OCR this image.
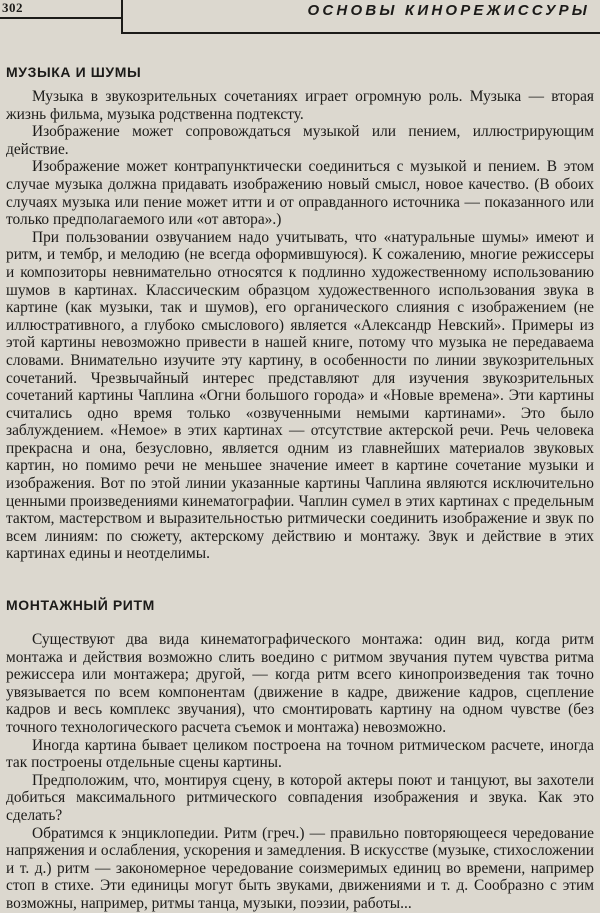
302	ОСНОВЫ КИНОРЕЖИССУРЫ
МУЗЫКА И ШУМЫ

Музыка в звукозрительных сочетаниях играет огромную роль. Музыка — вторая жизнь фильма, музыка родственна подтексту.

Изображение может сопровождаться музыкой или пением, иллюстрирующим действие.

Изображение может контрапунктически соединиться с музыкой и пением. В этом случае музыка должна придавать изображению новый смысл, новое качество. (В обоих случаях музыка или пение может итти и от оправданного источника — показанного или только предполагаемого или «от автора».)

При пользовании озвучанием надо учитывать, что «натуральные шумы» имеют и ритм, и тембр, и мелодию (не всегда оформившуюся). К сожалению, многие режиссеры и композиторы невнимательно относятся к подлинно художественному использованию шумов в картинах. Классическим образцом художественного использования звука в картине (как музыки, так и шумов), его органического слияния с изображением (не иллюстративного, а глубоко смыслового) является «Александр Невский». Примеры из этой картины невозможно привести в нашей книге, потому что музыка не передаваема словами. Внимательно изучите эту картину, в особенности по линии звукозрительных сочетаний. Чрезвычайный интерес представляют для изучения звукозрительных сочетаний картины Чаплина «Огни большого города» и «Новые времена». Эти картины считались одно время только «озвученными немыми картинами». Это было заблуждением. «Немое» в этих картинах — отсутствие актерской речи. Речь человека прекрасна и она, безусловно, является одним из главнейших материалов звуковых картин, но помимо речи не меньшее значение имеет в картине сочетание музыки и изображения. Вот по этой линии указанные картины Чаплина являются исключительно ценными произведениями кинематографии. Чаплин сумел в этих картинах с предельным тактом, мастерством и выразительностью ритмически соединить изображение и звук по всем линиям: по сюжету, актерскому действию и монтажу. Звук и действие в этих картинах едины и неотделимы.

МОНТАЖНЫЙ РИТМ

Существуют два вида кинематографического монтажа: один вид, когда ритм монтажа и действия возможно слить воедино с ритмом звучания путем чувства ритма режиссера или монтажера; другой, — когда ритм всего кинопроизведения так точно увязывается по всем компонентам (движение в кадре, движение кадров, сцепление кадров и весь комплекс звучания), что смонтировать картину на одном чувстве (без точного технологического расчета съемок и монтажа) невозможно.

Иногда картина бывает целиком построена на точном ритмическом расчете, иногда так построены отдельные сцены картины.

Предположим, что, монтируя сцену, в которой актеры поют и танцуют, вы захотели добиться максимального ритмического совпадения изображения и звука. Как это сделать?

Обратимся к энциклопедии. Ритм (греч.) — правильно повторяющееся чередование напряжения и ослабления, ускорения и замедления. В искусстве (музыке, стихосложении и т. д.) ритм — закономерное чередование соизмеримых единиц во времени, например стоп в стихе. Эти единицы могут быть звуками, движениями и т. д. Сообразно с этим возможны, например, ритмы танца, музыки, поэзии, работы...
